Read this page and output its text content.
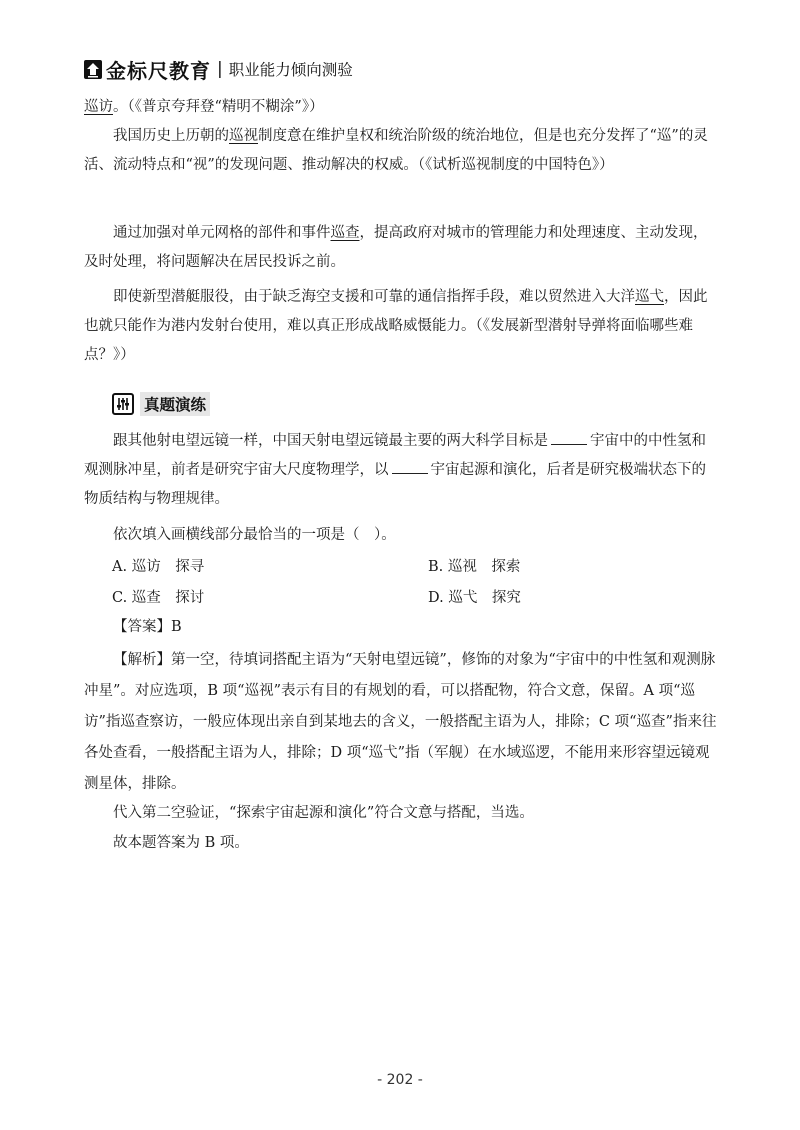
金标尺教育 | 职业能力倾向测验

巡访。（《普京夸拜登“精明不糊涂”》）

我国历史上历朝的巡视制度意在维护皇权和统治阶级的统治地位，但是也充分发挥了“巡”的灵活、流动特点和“视”的发现问题、推动解决的权威。（《试析巡视制度的中国特色》）

通过加强对单元网格的部件和事件巡查，提高政府对城市的管理能力和处理速度、主动发现，及时处理，将问题解决在居民投诉之前。

即使新型潜艇服役，由于缺乏海空支援和可靠的通信指挥手段，难以贸然进入大洋巡弋，因此也就只能作为港内发射台使用，难以真正形成战略威慑能力。（《发展新型潜射导弹将面临哪些难点？》）

真题演练

跟其他射电望远镜一样，中国天射电望远镜最主要的两大科学目标是	宇宙中的中性氢和观测脉冲星，前者是研究宇宙大尺度物理学，以	宇宙起源和演化，后者是研究极端状态下的物质结构与物理规律。

依次填入画横线部分最恰当的一项是（　）。

A. 巡访　探寻	B. 巡视　探索
C. 巡查　探讨	D. 巡弋　探究

【答案】B

【解析】第一空，待填词搭配主语为“天射电望远镜”，修饰的对象为“宇宙中的中性氢和观测脉冲星”。对应选项，B 项“巡视”表示有目的有规划的看，可以搭配物，符合文意，保留。A 项“巡访”指巡查察访，一般应体现出亲自到某地去的含义，一般搭配主语为人，排除；C 项“巡查”指来往各处查看，一般搭配主语为人，排除；D 项“巡弋”指（军舰）在水域巡逻，不能用来形容望远镜观测星体，排除。

代入第二空验证，“探索宇宙起源和演化”符合文意与搭配，当选。

故本题答案为 B 项。

- 202 -
